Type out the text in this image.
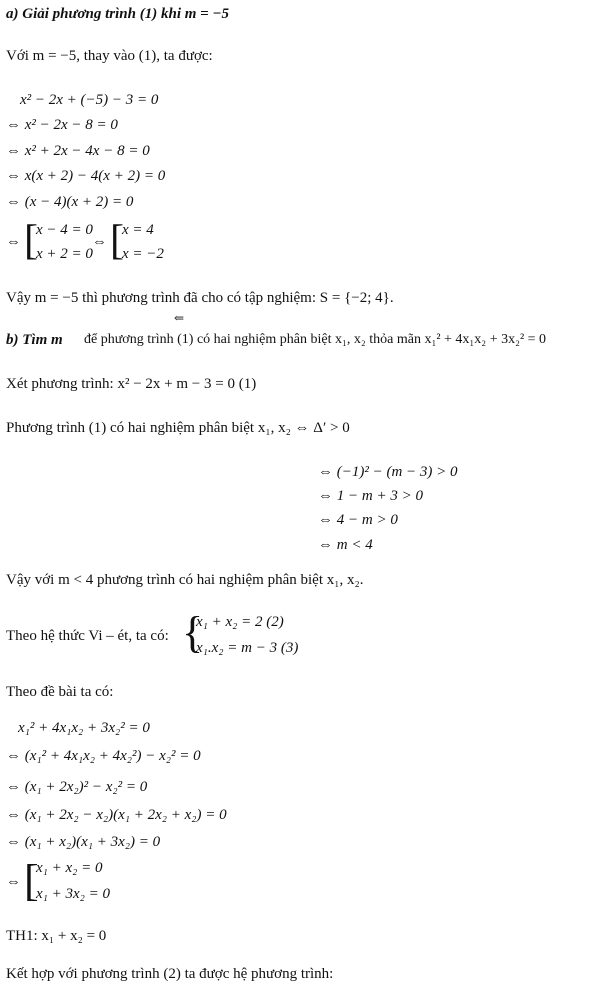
a) Giải phương trình (1) khi m = −5
Với m = −5, thay vào (1), ta được:
x² − 2x + (−5) − 3 = 0
⇔ x² − 2x − 8 = 0
⇔ x² + 2x − 4x − 8 = 0
⇔ x(x + 2) − 4(x + 2) = 0
⇔ (x − 4)(x + 2) = 0
⇔ [
x − 4 = 0
x + 2 = 0
⇔ [
x = 4
x = −2
Vậy m = −5 thì phương trình đã cho có tập nghiệm: S = {−2; 4}.
⇐
b) Tìm m để phương trình (1) có hai nghiệm phân biệt x₁, x₂ thỏa mãn x₁² + 4x₁x₂ + 3x₂² = 0
Xét phương trình: x² − 2x + m − 3 = 0 (1)
Phương trình (1) có hai nghiệm phân biệt x₁, x₂ ⇔ Δ′ > 0
⇔ (−1)² − (m − 3) > 0
⇔ 1 − m + 3 > 0
⇔ 4 − m > 0
⇔ m < 4
Vậy với m < 4 phương trình có hai nghiệm phân biệt x₁, x₂.
Theo hệ thức Vi – ét, ta có: {
x₁ + x₂ = 2 (2)
x₁.x₂ = m − 3 (3)
Theo đề bài ta có:
x₁² + 4x₁x₂ + 3x₂² = 0
⇔ (x₁² + 4x₁x₂ + 4x₂²) − x₂² = 0
⇔ (x₁ + 2x₂)² − x₂² = 0
⇔ (x₁ + 2x₂ − x₂)(x₁ + 2x₂ + x₂) = 0
⇔ (x₁ + x₂)(x₁ + 3x₂) = 0
⇔ [
x₁ + x₂ = 0
x₁ + 3x₂ = 0
TH1: x₁ + x₂ = 0
Kết hợp với phương trình (2) ta được hệ phương trình:
